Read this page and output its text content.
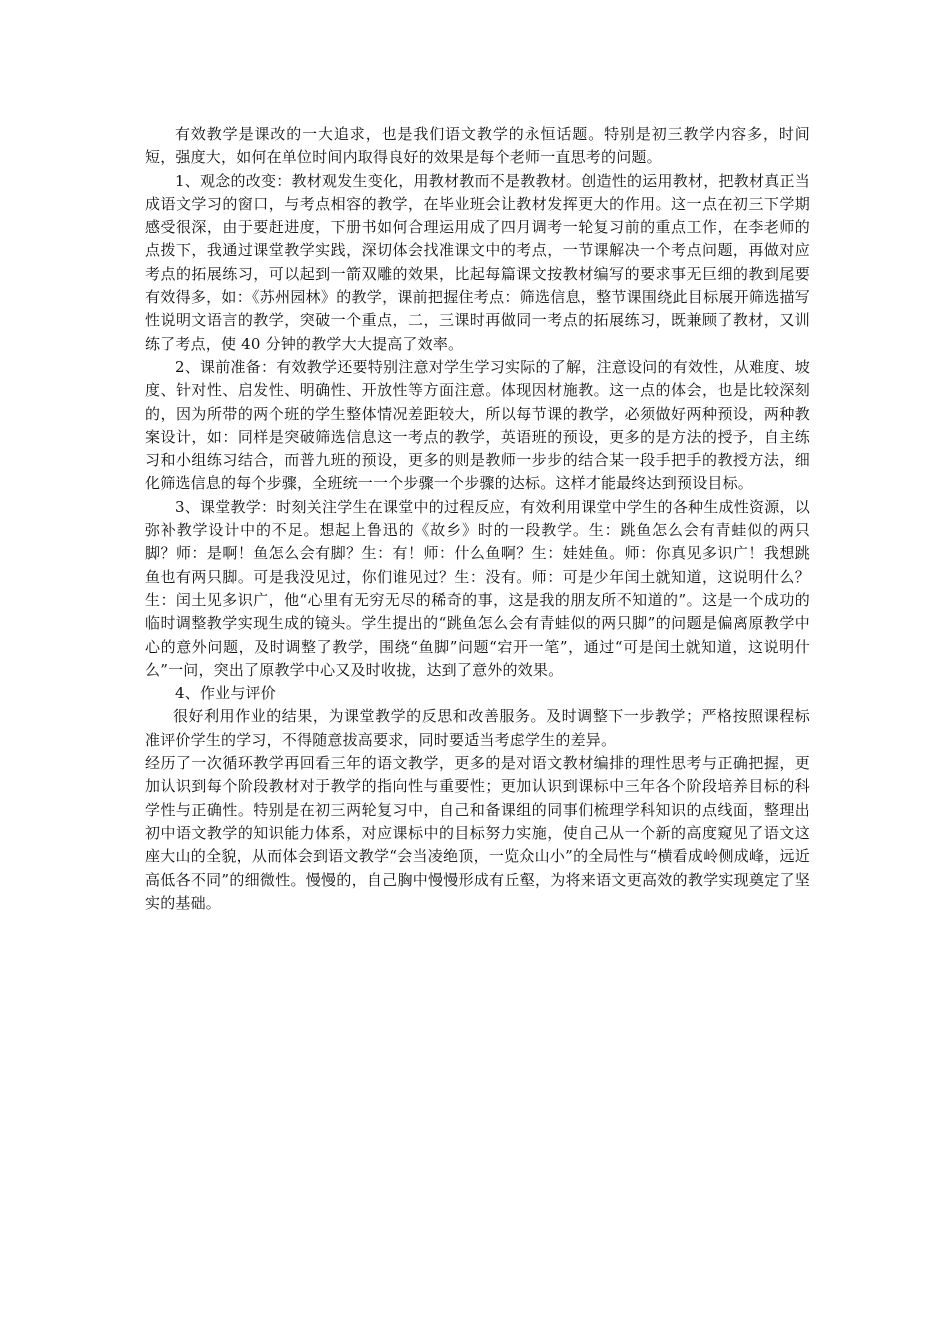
有效教学是课改的一大追求，也是我们语文教学的永恒话题。特别是初三教学内容多，时间短，强度大，如何在单位时间内取得良好的效果是每个老师一直思考的问题。

1、观念的改变：教材观发生变化，用教材教而不是教教材。创造性的运用教材，把教材真正当成语文学习的窗口，与考点相容的教学，在毕业班会让教材发挥更大的作用。这一点在初三下学期感受很深，由于要赶进度，下册书如何合理运用成了四月调考一轮复习前的重点工作，在李老师的点拨下，我通过课堂教学实践，深切体会找准课文中的考点，一节课解决一个考点问题，再做对应考点的拓展练习，可以起到一箭双雕的效果，比起每篇课文按教材编写的要求事无巨细的教到尾要有效得多，如：《苏州园林》的教学，课前把握住考点：筛选信息，整节课围绕此目标展开筛选描写性说明文语言的教学，突破一个重点，二，三课时再做同一考点的拓展练习，既兼顾了教材，又训练了考点，使 40 分钟的教学大大提高了效率。

2、课前准备：有效教学还要特别注意对学生学习实际的了解，注意设问的有效性，从难度、坡度、针对性、启发性、明确性、开放性等方面注意。体现因材施教。这一点的体会，也是比较深刻的，因为所带的两个班的学生整体情况差距较大，所以每节课的教学，必须做好两种预设，两种教案设计，如：同样是突破筛选信息这一考点的教学，英语班的预设，更多的是方法的授予，自主练习和小组练习结合，而普九班的预设，更多的则是教师一步步的结合某一段手把手的教授方法，细化筛选信息的每个步骤，全班统一一个步骤一个步骤的达标。这样才能最终达到预设目标。

3、课堂教学：时刻关注学生在课堂中的过程反应，有效利用课堂中学生的各种生成性资源，以弥补教学设计中的不足。想起上鲁迅的《故乡》时的一段教学。生：跳鱼怎么会有青蛙似的两只脚？师：是啊！鱼怎么会有脚？生：有！师：什么鱼啊？生：娃娃鱼。师：你真见多识广！我想跳鱼也有两只脚。可是我没见过，你们谁见过？生：没有。师：可是少年闰土就知道，这说明什么？生：闰土见多识广，他“心里有无穷无尽的稀奇的事，这是我的朋友所不知道的”。这是一个成功的临时调整教学实现生成的镜头。学生提出的“跳鱼怎么会有青蛙似的两只脚”的问题是偏离原教学中心的意外问题，及时调整了教学，围绕“鱼脚”问题“宕开一笔”，通过“可是闰土就知道，这说明什么”一问，突出了原教学中心又及时收拢，达到了意外的效果。

4、作业与评价

很好利用作业的结果，为课堂教学的反思和改善服务。及时调整下一步教学；严格按照课程标准评价学生的学习，不得随意拔高要求，同时要适当考虑学生的差异。

经历了一次循环教学再回看三年的语文教学，更多的是对语文教材编排的理性思考与正确把握，更加认识到每个阶段教材对于教学的指向性与重要性；更加认识到课标中三年各个阶段培养目标的科学性与正确性。特别是在初三两轮复习中，自己和备课组的同事们梳理学科知识的点线面，整理出初中语文教学的知识能力体系，对应课标中的目标努力实施，使自己从一个新的高度窥见了语文这座大山的全貌，从而体会到语文教学“会当凌绝顶，一览众山小”的全局性与“横看成岭侧成峰，远近高低各不同”的细微性。慢慢的，自己胸中慢慢形成有丘壑，为将来语文更高效的教学实现奠定了坚实的基础。
